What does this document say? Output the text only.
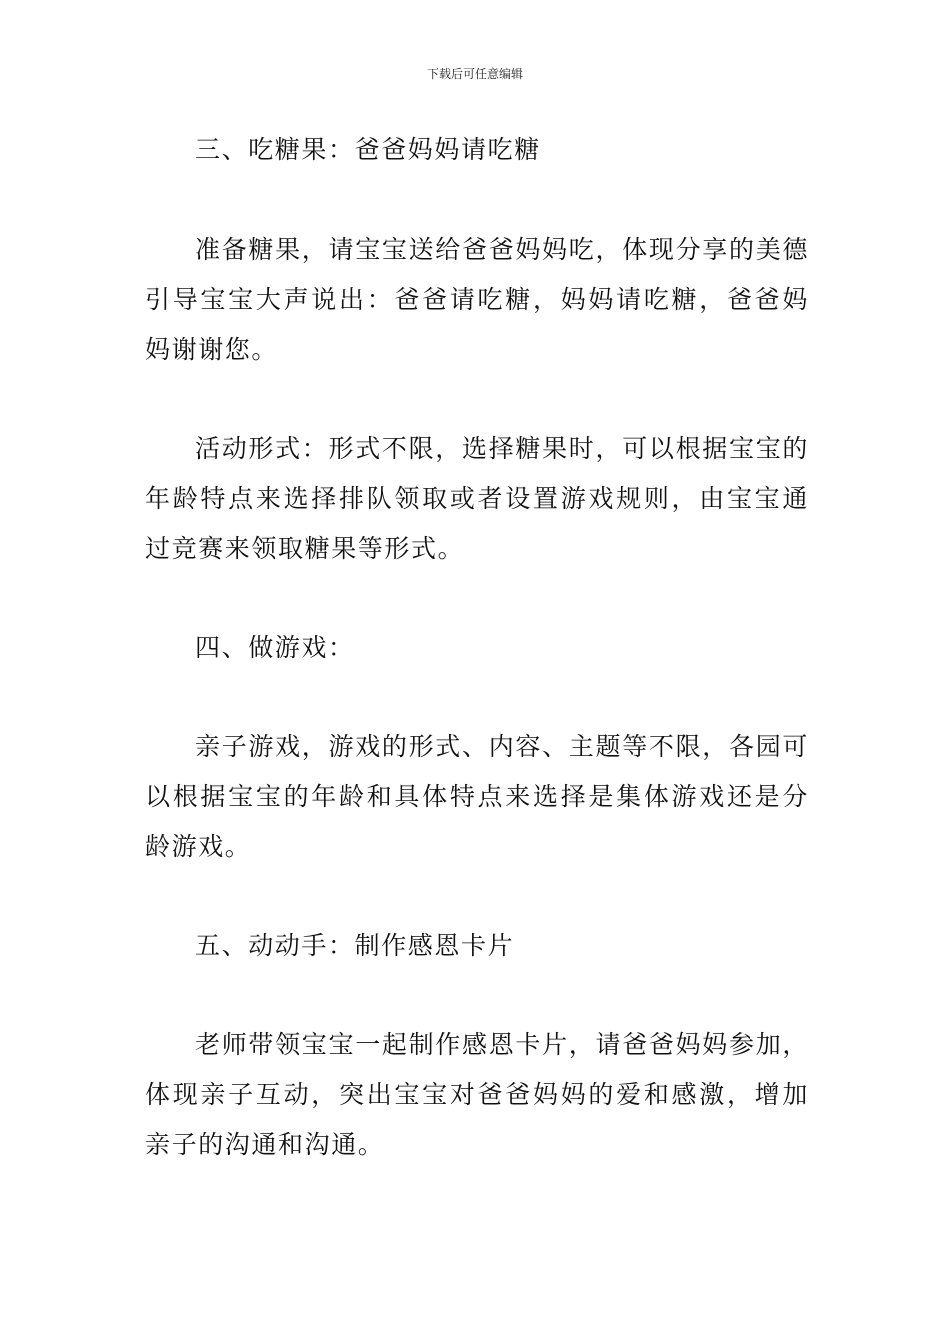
下载后可任意编辑

三、吃糖果：爸爸妈妈请吃糖

准备糖果，请宝宝送给爸爸妈妈吃，体现分享的美德引导宝宝大声说出：爸爸请吃糖，妈妈请吃糖，爸爸妈妈谢谢您。

活动形式：形式不限，选择糖果时，可以根据宝宝的年龄特点来选择排队领取或者设置游戏规则，由宝宝通过竞赛来领取糖果等形式。

四、做游戏：

亲子游戏，游戏的形式、内容、主题等不限，各园可以根据宝宝的年龄和具体特点来选择是集体游戏还是分龄游戏。

五、动动手：制作感恩卡片

老师带领宝宝一起制作感恩卡片，请爸爸妈妈参加，体现亲子互动，突出宝宝对爸爸妈妈的爱和感激，增加亲子的沟通和沟通。
